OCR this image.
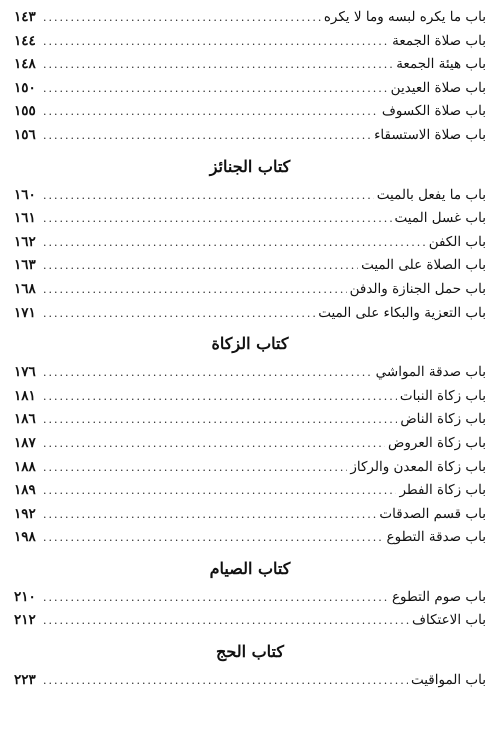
باب ما يكره لبسه وما لا يكره
.....
١٤٣
باب صلاة الجمعة
.....
١٤٤
باب هيئة الجمعة
.....
١٤٨
باب صلاة العيدين
.....
١٥٠
باب صلاة الكسوف
.....
١٥٥
باب صلاة الاستسقاء
.....
١٥٦
كتاب الجنائز
باب ما يفعل بالميت
.....
١٦٠
باب غسل الميت
.....
١٦١
باب الكفن
.....
١٦٢
باب الصلاة على الميت
.....
١٦٣
باب حمل الجنازة والدفن
.....
١٦٨
باب التعزية والبكاء على الميت
.....
١٧١
كتاب الزكاة
باب صدقة المواشي
.....
١٧٦
باب زكاة النبات
.....
١٨١
باب زكاة الناض
.....
١٨٦
باب زكاة العروض
.....
١٨٧
باب زكاة المعدن والركاز
.....
١٨٨
باب زكاة الفطر
.....
١٨٩
باب قسم الصدقات
.....
١٩٢
باب صدقة التطوع
.....
١٩٨
كتاب الصيام
باب صوم التطوع
.....
٢١٠
باب الاعتكاف
.....
٢١٢
كتاب الحج
باب المواقيت
.....
٢٢٣
